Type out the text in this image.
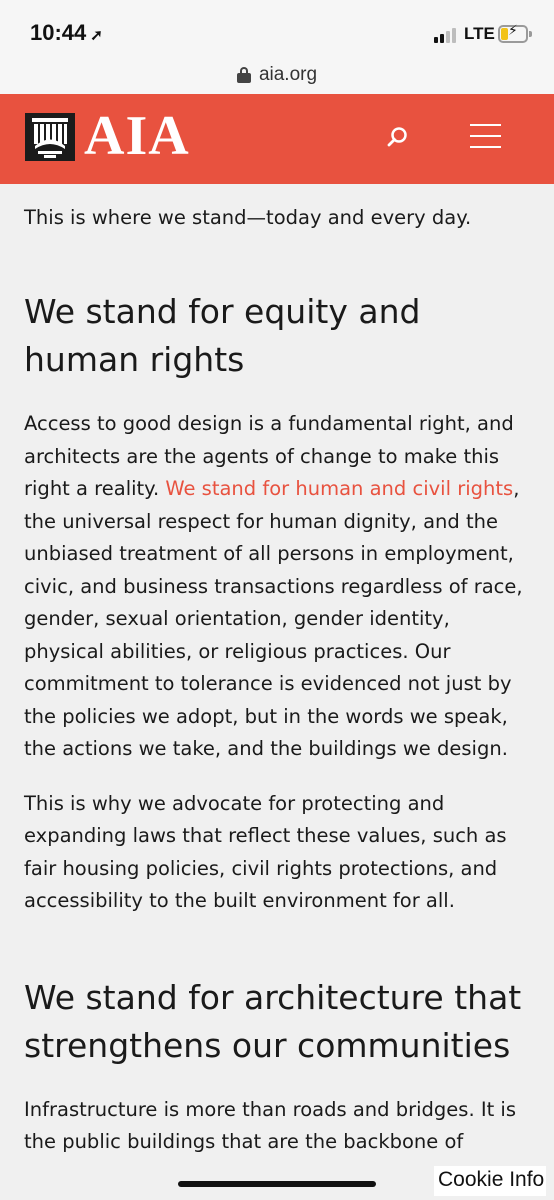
10:44 ➚	LTE ⚡
aia.org
AIA

This is where we stand—today and every day.

We stand for equity and human rights

Access to good design is a fundamental right, and architects are the agents of change to make this right a reality. We stand for human and civil rights, the universal respect for human dignity, and the unbiased treatment of all persons in employment, civic, and business transactions regardless of race, gender, sexual orientation, gender identity, physical abilities, or religious practices. Our commitment to tolerance is evidenced not just by the policies we adopt, but in the words we speak, the actions we take, and the buildings we design.

This is why we advocate for protecting and expanding laws that reflect these values, such as fair housing policies, civil rights protections, and accessibility to the built environment for all.

We stand for architecture that strengthens our communities

Infrastructure is more than roads and bridges. It is the public buildings that are the backbone of

Cookie Info
